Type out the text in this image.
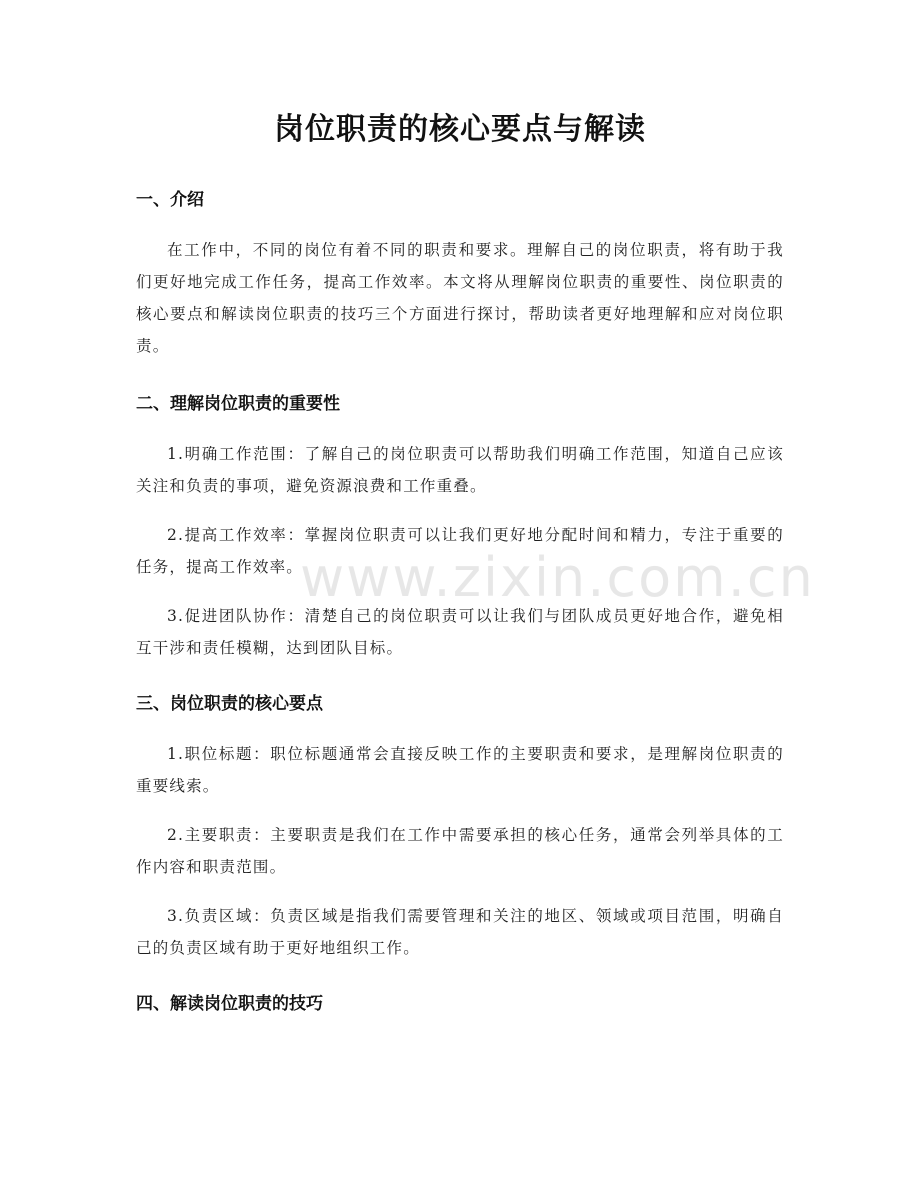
岗位职责的核心要点与解读
www.zixin.com.cn
一、介绍

在工作中，不同的岗位有着不同的职责和要求。理解自己的岗位职责，将有助于我们更好地完成工作任务，提高工作效率。本文将从理解岗位职责的重要性、岗位职责的核心要点和解读岗位职责的技巧三个方面进行探讨，帮助读者更好地理解和应对岗位职责。

二、理解岗位职责的重要性

1.明确工作范围：了解自己的岗位职责可以帮助我们明确工作范围，知道自己应该关注和负责的事项，避免资源浪费和工作重叠。

2.提高工作效率：掌握岗位职责可以让我们更好地分配时间和精力，专注于重要的任务，提高工作效率。

3.促进团队协作：清楚自己的岗位职责可以让我们与团队成员更好地合作，避免相互干涉和责任模糊，达到团队目标。

三、岗位职责的核心要点

1.职位标题：职位标题通常会直接反映工作的主要职责和要求，是理解岗位职责的重要线索。

2.主要职责：主要职责是我们在工作中需要承担的核心任务，通常会列举具体的工作内容和职责范围。

3.负责区域：负责区域是指我们需要管理和关注的地区、领域或项目范围，明确自己的负责区域有助于更好地组织工作。

四、解读岗位职责的技巧
